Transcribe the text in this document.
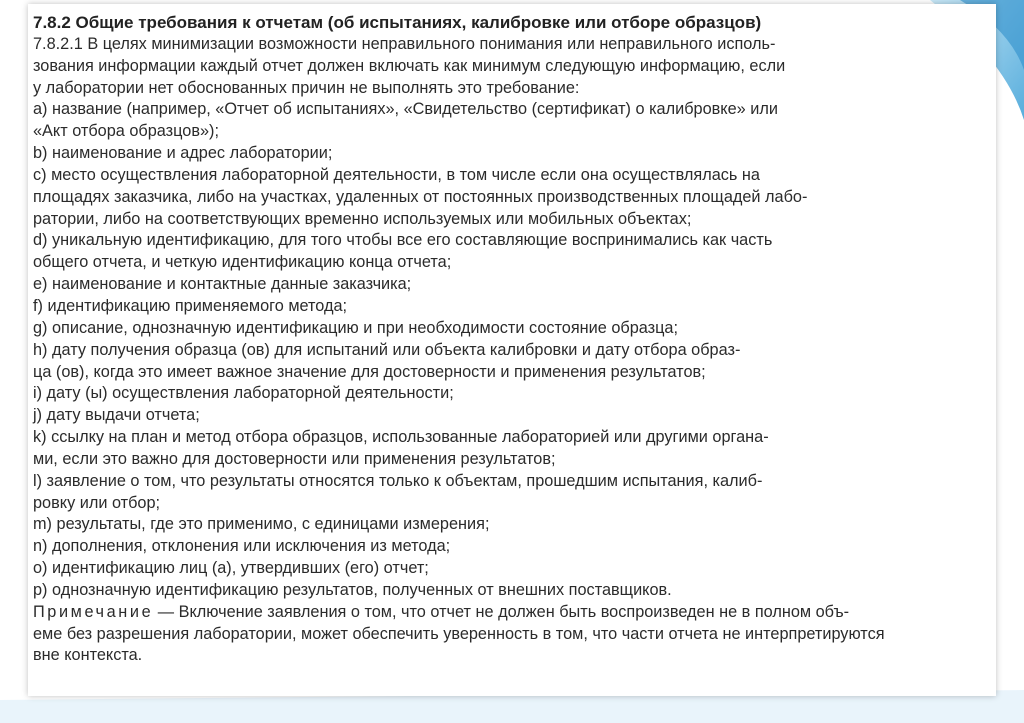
7.8.2 Общие требования к отчетам (об испытаниях, калибровке или отборе образцов)
7.8.2.1 В целях минимизации возможности неправильного понимания или неправильного исполь-
зования информации каждый отчет должен включать как минимум следующую информацию, если
у лаборатории нет обоснованных причин не выполнять это требование:
а) название (например, «Отчет об испытаниях», «Свидетельство (сертификат) о калибровке» или
«Акт отбора образцов»);
b) наименование и адрес лаборатории;
c) место осуществления лабораторной деятельности, в том числе если она осуществлялась на
площадях заказчика, либо на участках, удаленных от постоянных производственных площадей лабо-
ратории, либо на соответствующих временно используемых или мобильных объектах;
d) уникальную идентификацию, для того чтобы все его составляющие воспринимались как часть
общего отчета, и четкую идентификацию конца отчета;
e) наименование и контактные данные заказчика;
f) идентификацию применяемого метода;
g) описание, однозначную идентификацию и при необходимости состояние образца;
h) дату получения образца (ов) для испытаний или объекта калибровки и дату отбора образ-
ца (ов), когда это имеет важное значение для достоверности и применения результатов;
i) дату (ы) осуществления лабораторной деятельности;
j) дату выдачи отчета;
k) ссылку на план и метод отбора образцов, использованные лабораторией или другими органа-
ми, если это важно для достоверности или применения результатов;
l) заявление о том, что результаты относятся только к объектам, прошедшим испытания, калиб-
ровку или отбор;
m) результаты, где это применимо, с единицами измерения;
n) дополнения, отклонения или исключения из метода;
o) идентификацию лиц (а), утвердивших (его) отчет;
p) однозначную идентификацию результатов, полученных от внешних поставщиков.
Примечание — Включение заявления о том, что отчет не должен быть воспроизведен не в полном объ-
еме без разрешения лаборатории, может обеспечить уверенность в том, что части отчета не интерпретируются
вне контекста.
